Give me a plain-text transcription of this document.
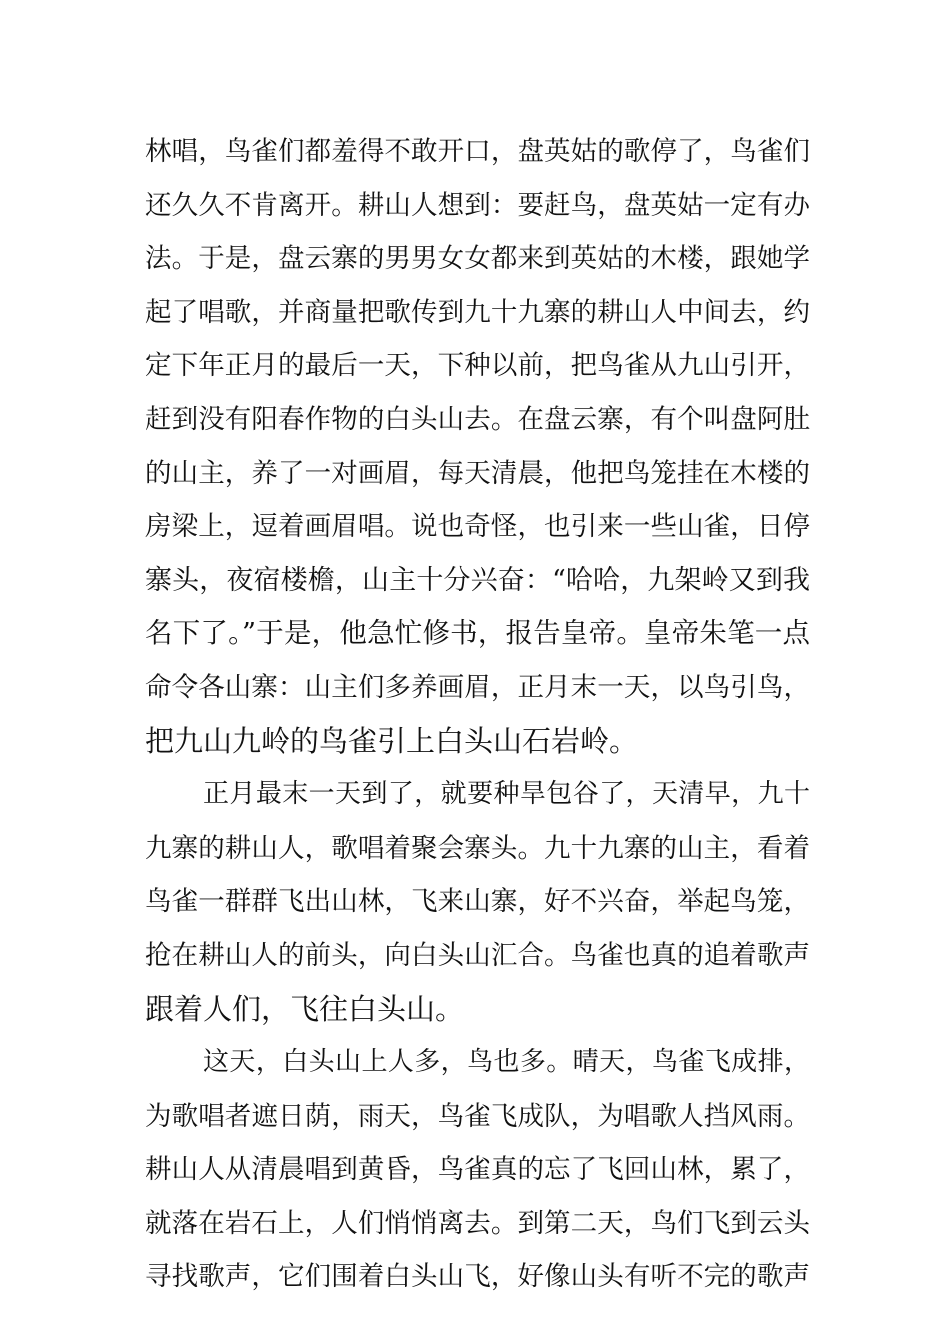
林唱，鸟雀们都羞得不敢开口，盘英姑的歌停了，鸟雀们
还久久不肯离开。耕山人想到：要赶鸟，盘英姑一定有办
法。于是，盘云寨的男男女女都来到英姑的木楼，跟她学
起了唱歌，并商量把歌传到九十九寨的耕山人中间去，约
定下年正月的最后一天，下种以前，把鸟雀从九山引开，
赶到没有阳春作物的白头山去。在盘云寨，有个叫盘阿肚
的山主，养了一对画眉，每天清晨，他把鸟笼挂在木楼的
房梁上，逗着画眉唱。说也奇怪，也引来一些山雀，日停
寨头，夜宿楼檐，山主十分兴奋：“哈哈，九架岭又到我
名下了。”于是，他急忙修书，报告皇帝。皇帝朱笔一点
命令各山寨：山主们多养画眉，正月末一天，以鸟引鸟，
把九山九岭的鸟雀引上白头山石岩岭。
正月最末一天到了，就要种旱包谷了，天清早，九十
九寨的耕山人，歌唱着聚会寨头。九十九寨的山主，看着
鸟雀一群群飞出山林，飞来山寨，好不兴奋，举起鸟笼，
抢在耕山人的前头，向白头山汇合。鸟雀也真的追着歌声
跟着人们，飞往白头山。
这天，白头山上人多，鸟也多。晴天，鸟雀飞成排，
为歌唱者遮日荫，雨天，鸟雀飞成队，为唱歌人挡风雨。
耕山人从清晨唱到黄昏，鸟雀真的忘了飞回山林，累了，
就落在岩石上，人们悄悄离去。到第二天，鸟们飞到云头
寻找歌声，它们围着白头山飞，好像山头有听不完的歌声
